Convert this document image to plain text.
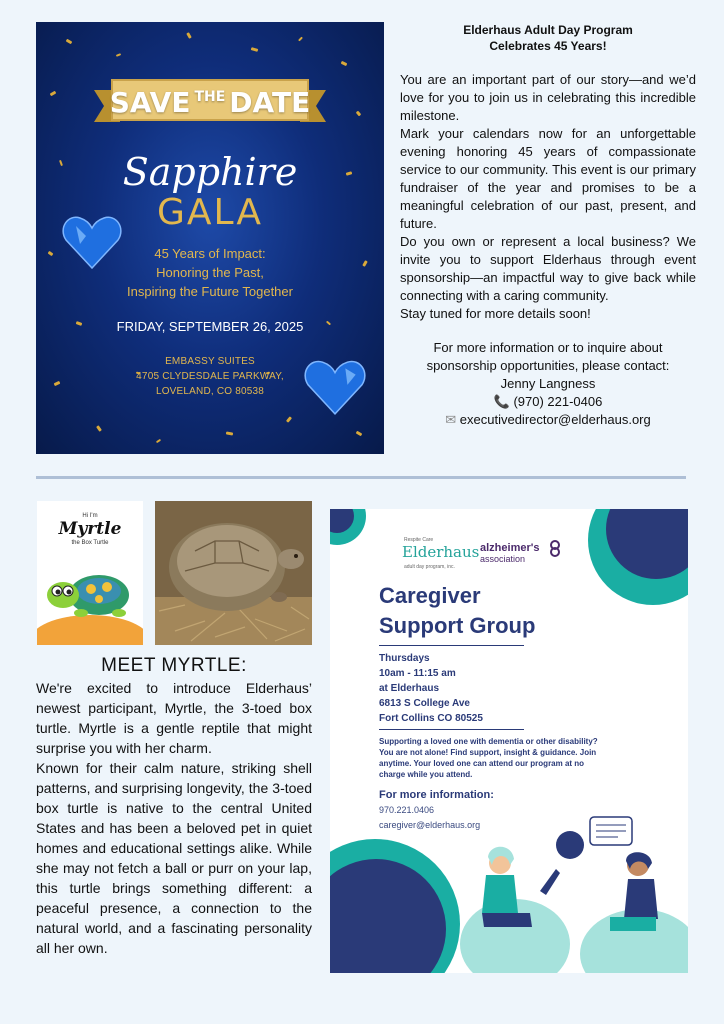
SAVE THE DATE
Sapphire
GALA
45 Years of Impact:
Honoring the Past,
Inspiring the Future Together
FRIDAY, SEPTEMBER 26, 2025
EMBASSY SUITES
4705 CLYDESDALE PARKWAY,
LOVELAND, CO 80538
Elderhaus Adult Day Program
Celebrates 45 Years!

You are an important part of our story—and we’d love for you to join us in celebrating this incredible milestone.

Mark your calendars now for an unforgettable evening honoring 45 years of compassionate service to our community. This event is our primary fundraiser of the year and promises to be a meaningful celebration of our past, present, and future.

Do you own or represent a local business? We invite you to support Elderhaus through event sponsorship—an impactful way to give back while connecting with a caring community.

Stay tuned for more details soon!

For more information or to inquire about
sponsorship opportunities, please contact:
Jenny Langness
📞 (970) 221-0406
✉ executivedirector@elderhaus.org
Hi I'm
Myrtle
the Box Turtle
MEET MYRTLE:

We're excited to introduce Elderhaus’ newest participant, Myrtle, the 3-toed box turtle. Myrtle is a gentle reptile that might surprise you with her charm.

Known for their calm nature, striking shell patterns, and surprising longevity, the 3-toed box turtle is native to the central United States and has been a beloved pet in quiet homes and educational settings alike. While she may not fetch a ball or purr on your lap, this turtle brings something different: a peaceful presence, a connection to the natural world, and a fascinating personality all her own.

Respite Care
Elderhaus
adult day program, inc.
alzheimer's
association
Caregiver
Support Group
Thursdays
10am - 11:15 am
at Elderhaus
6813 S College Ave
Fort Collins CO 80525
Supporting a loved one with dementia or other disability? You are not alone! Find support, insight & guidance. Join anytime. Your loved one can attend our program at no charge while you attend.
For more information:
970.221.0406
caregiver@elderhaus.org
